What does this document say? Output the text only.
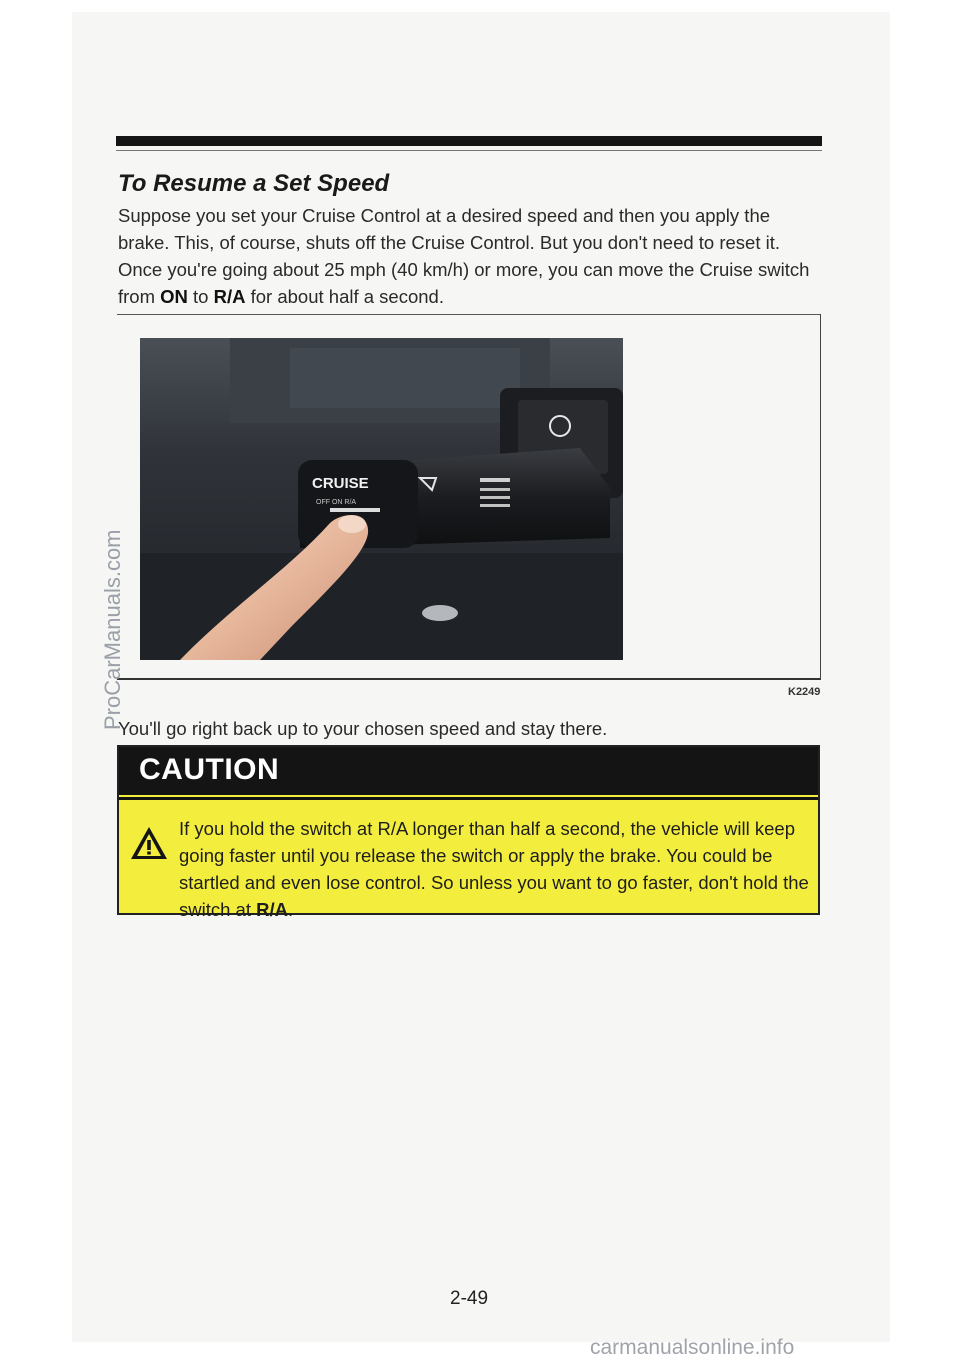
To Resume a Set Speed

Suppose you set your Cruise Control at a desired speed and then you apply the brake. This, of course, shuts off the Cruise Control. But you don't need to reset it. Once you're going about 25 mph (40 km/h) or more, you can move the Cruise switch from ON to R/A for about half a second.

CRUISE
OFF ON R/A
K2249

You'll go right back up to your chosen speed and stay there.

CAUTION

If you hold the switch at R/A longer than half a second, the vehicle will keep going faster until you release the switch or apply the brake. You could be startled and even lose control. So unless you want to go faster, don't hold the switch at R/A.

2-49
ProCarManuals.com
carmanualsonline.info
